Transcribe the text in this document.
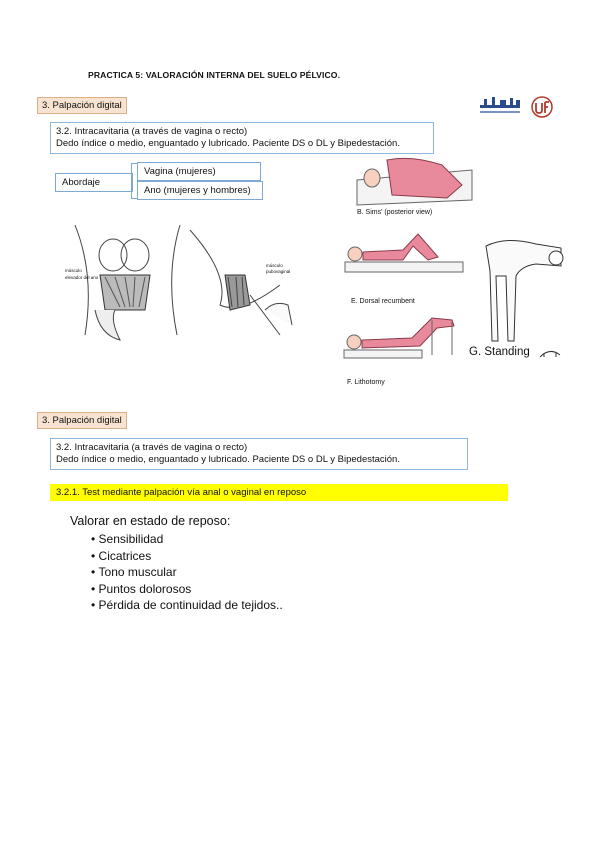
PRACTICA 5: VALORACIÓN INTERNA DEL SUELO PÉLVICO.
3. Palpación digital
3.2. Intracavitaria (a través de vagina o recto)
Dedo índice o medio, enguantado y lubricado. Paciente DS o DL y Bipedestación.
Abordaje
Vagina (mujeres)
Ano (mujeres y hombres)
músculo
elevador del ano
músculo
pubovaginal
B. Sims' (posterior view)
E. Dorsal recumbent
F. Lithotomy
G. Standing
3. Palpación digital
3.2. Intracavitaria (a través de vagina o recto)
Dedo índice o medio, enguantado y lubricado. Paciente DS o DL y Bipedestación.
3.2.1. Test mediante palpación vía anal o vaginal en reposo
Valorar en estado de reposo:
• Sensibilidad
• Cicatrices
• Tono muscular
• Puntos dolorosos
• Pérdida de continuidad de tejidos..
